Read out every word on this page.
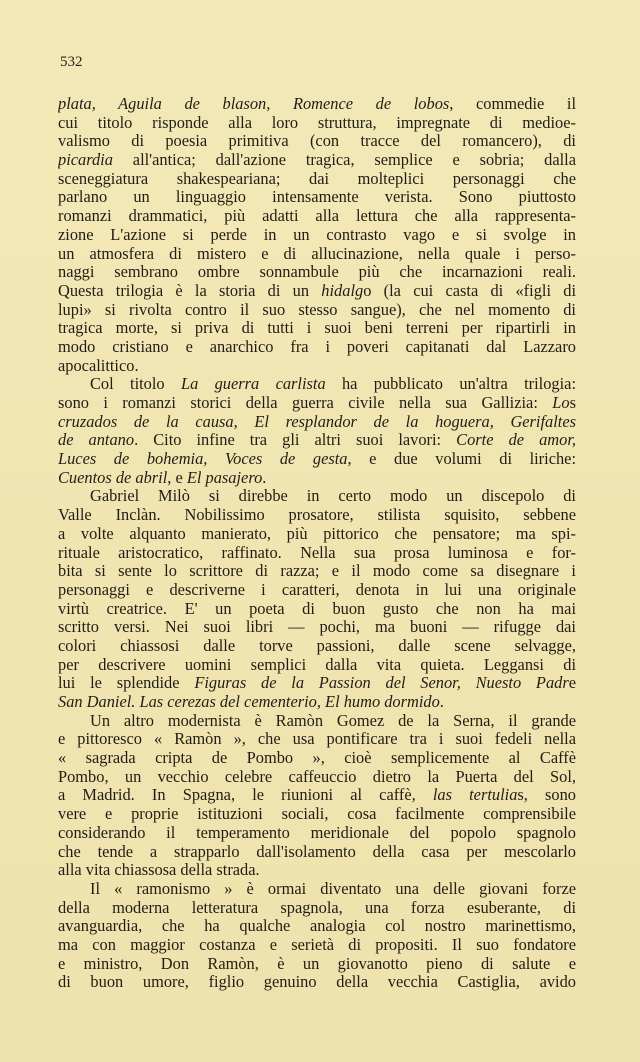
532
plata, Aguila de blason, Romence de lobos, commedie il
cui titolo risponde alla loro struttura, impregnate di medioe-
valismo di poesia primitiva (con tracce del romancero), di
picardia all'antica; dall'azione tragica, semplice e sobria; dalla
sceneggiatura shakespeariana; dai molteplici personaggi che
parlano un linguaggio intensamente verista. Sono piuttosto
romanzi drammatici, più adatti alla lettura che alla rappresenta-
zione L'azione si perde in un contrasto vago e si svolge in
un atmosfera di mistero e di allucinazione, nella quale i perso-
naggi sembrano ombre sonnambule più che incarnazioni reali.
Questa trilogia è la storia di un hidalgo (la cui casta di «figli di
lupi» si rivolta contro il suo stesso sangue), che nel momento di
tragica morte, si priva di tutti i suoi beni terreni per ripartirli in
modo cristiano e anarchico fra i poveri capitanati dal Lazzaro
apocalittico.
Col titolo La guerra carlista ha pubblicato un'altra trilogia:
sono i romanzi storici della guerra civile nella sua Gallizia: Los
cruzados de la causa, El resplandor de la hoguera, Gerifaltes
de antano. Cito infine tra gli altri suoi lavori: Corte de amor,
Luces de bohemia, Voces de gesta, e due volumi di liriche:
Cuentos de abril, e El pasajero.
Gabriel Milò si direbbe in certo modo un discepolo di
Valle Inclàn. Nobilissimo prosatore, stilista squisito, sebbene
a volte alquanto manierato, più pittorico che pensatore; ma spi-
rituale aristocratico, raffinato. Nella sua prosa luminosa e for-
bita si sente lo scrittore di razza; e il modo come sa disegnare i
personaggi e descriverne i caratteri, denota in lui una originale
virtù creatrice. E' un poeta di buon gusto che non ha mai
scritto versi. Nei suoi libri — pochi, ma buoni — rifugge dai
colori chiassosi dalle torve passioni, dalle scene selvagge,
per descrivere uomini semplici dalla vita quieta. Leggansi di
lui le splendide Figuras de la Passion del Senor, Nuesto Padre
San Daniel. Las cerezas del cementerio, El humo dormido.
Un altro modernista è Ramòn Gomez de la Serna, il grande
e pittoresco « Ramòn », che usa pontificare tra i suoi fedeli nella
« sagrada cripta de Pombo », cioè semplicemente al Caffè
Pombo, un vecchio celebre caffeuccio dietro la Puerta del Sol,
a Madrid. In Spagna, le riunioni al caffè, las tertulias, sono
vere e proprie istituzioni sociali, cosa facilmente comprensibile
considerando il temperamento meridionale del popolo spagnolo
che tende a strapparlo dall'isolamento della casa per mescolarlo
alla vita chiassosa della strada.
Il « ramonismo » è ormai diventato una delle giovani forze
della moderna letteratura spagnola, una forza esuberante, di
avanguardia, che ha qualche analogia col nostro marinettismo,
ma con maggior costanza e serietà di propositi. Il suo fondatore
e ministro, Don Ramòn, è un giovanotto pieno di salute e
di buon umore, figlio genuino della vecchia Castiglia, avido
